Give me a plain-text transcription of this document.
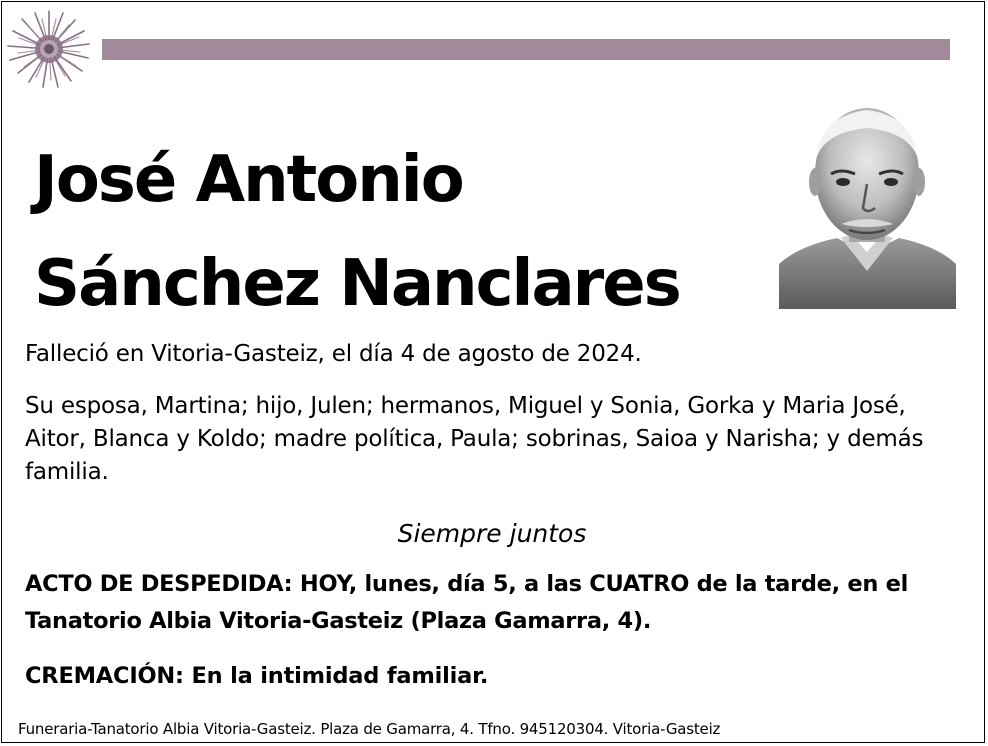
José Antonio
Sánchez Nanclares
Falleció en Vitoria-Gasteiz, el día 4 de agosto de 2024.
Su esposa, Martina; hijo, Julen; hermanos, Miguel y Sonia, Gorka y Maria José, Aitor, Blanca y Koldo; madre política, Paula; sobrinas, Saioa y Narisha; y demás familia.
Siempre juntos
ACTO DE DESPEDIDA: HOY, lunes, día 5, a las CUATRO de la tarde, en el Tanatorio Albia Vitoria-Gasteiz (Plaza Gamarra, 4).
CREMACIÓN: En la intimidad familiar.
Funeraria-Tanatorio Albia Vitoria-Gasteiz. Plaza de Gamarra, 4. Tfno. 945120304. Vitoria-Gasteiz
